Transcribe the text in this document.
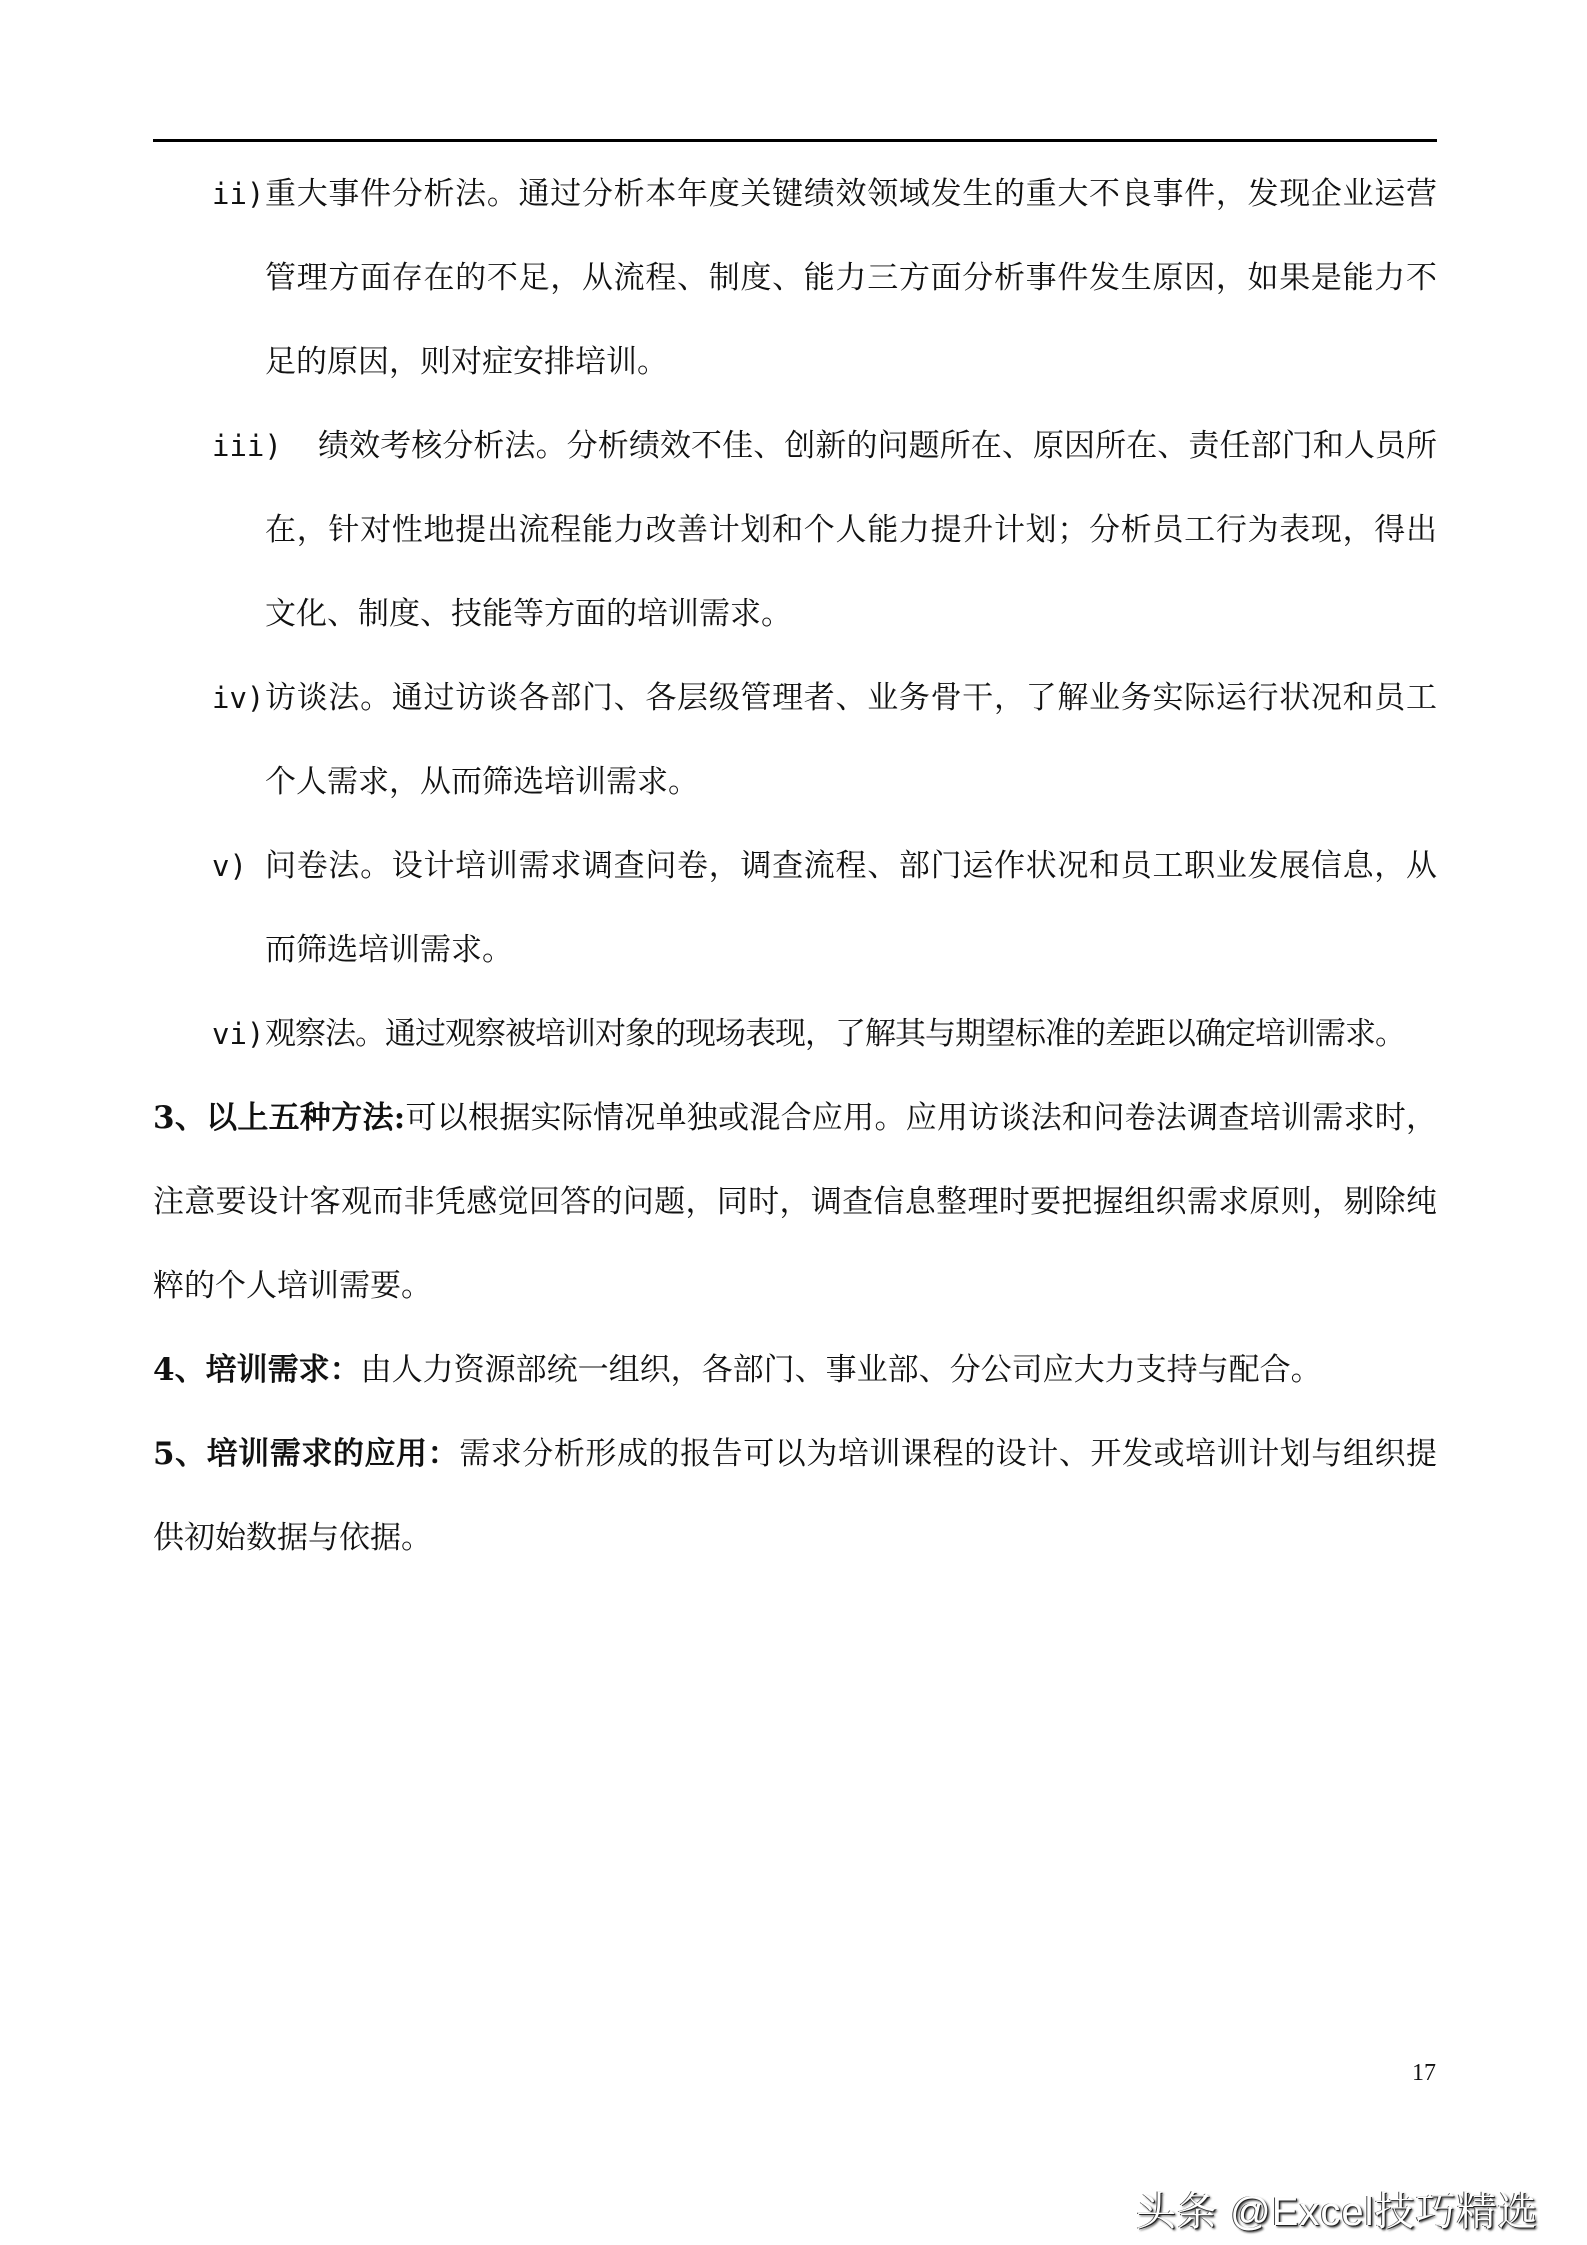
ii) 重大事件分析法。通过分析本年度关键绩效领域发生的重大不良事件，发现企业运营管理方面存在的不足，从流程、制度、能力三方面分析事件发生原因，如果是能力不足的原因，则对症安排培训。

iii)	绩效考核分析法。分析绩效不佳、创新的问题所在、原因所在、责任部门和人员所在，针对性地提出流程能力改善计划和个人能力提升计划；分析员工行为表现，得出文化、制度、技能等方面的培训需求。

iv) 访谈法。通过访谈各部门、各层级管理者、业务骨干，了解业务实际运行状况和员工个人需求，从而筛选培训需求。

v) 问卷法。设计培训需求调查问卷，调查流程、部门运作状况和员工职业发展信息，从而筛选培训需求。

vi) 观察法。通过观察被培训对象的现场表现，了解其与期望标准的差距以确定培训需求。

3、以上五种方法:可以根据实际情况单独或混合应用。应用访谈法和问卷法调查培训需求时，注意要设计客观而非凭感觉回答的问题，同时，调查信息整理时要把握组织需求原则，剔除纯粹的个人培训需要。

4、培训需求：由人力资源部统一组织，各部门、事业部、分公司应大力支持与配合。

5、培训需求的应用：需求分析形成的报告可以为培训课程的设计、开发或培训计划与组织提供初始数据与依据。

17
头条 @Excel技巧精选
